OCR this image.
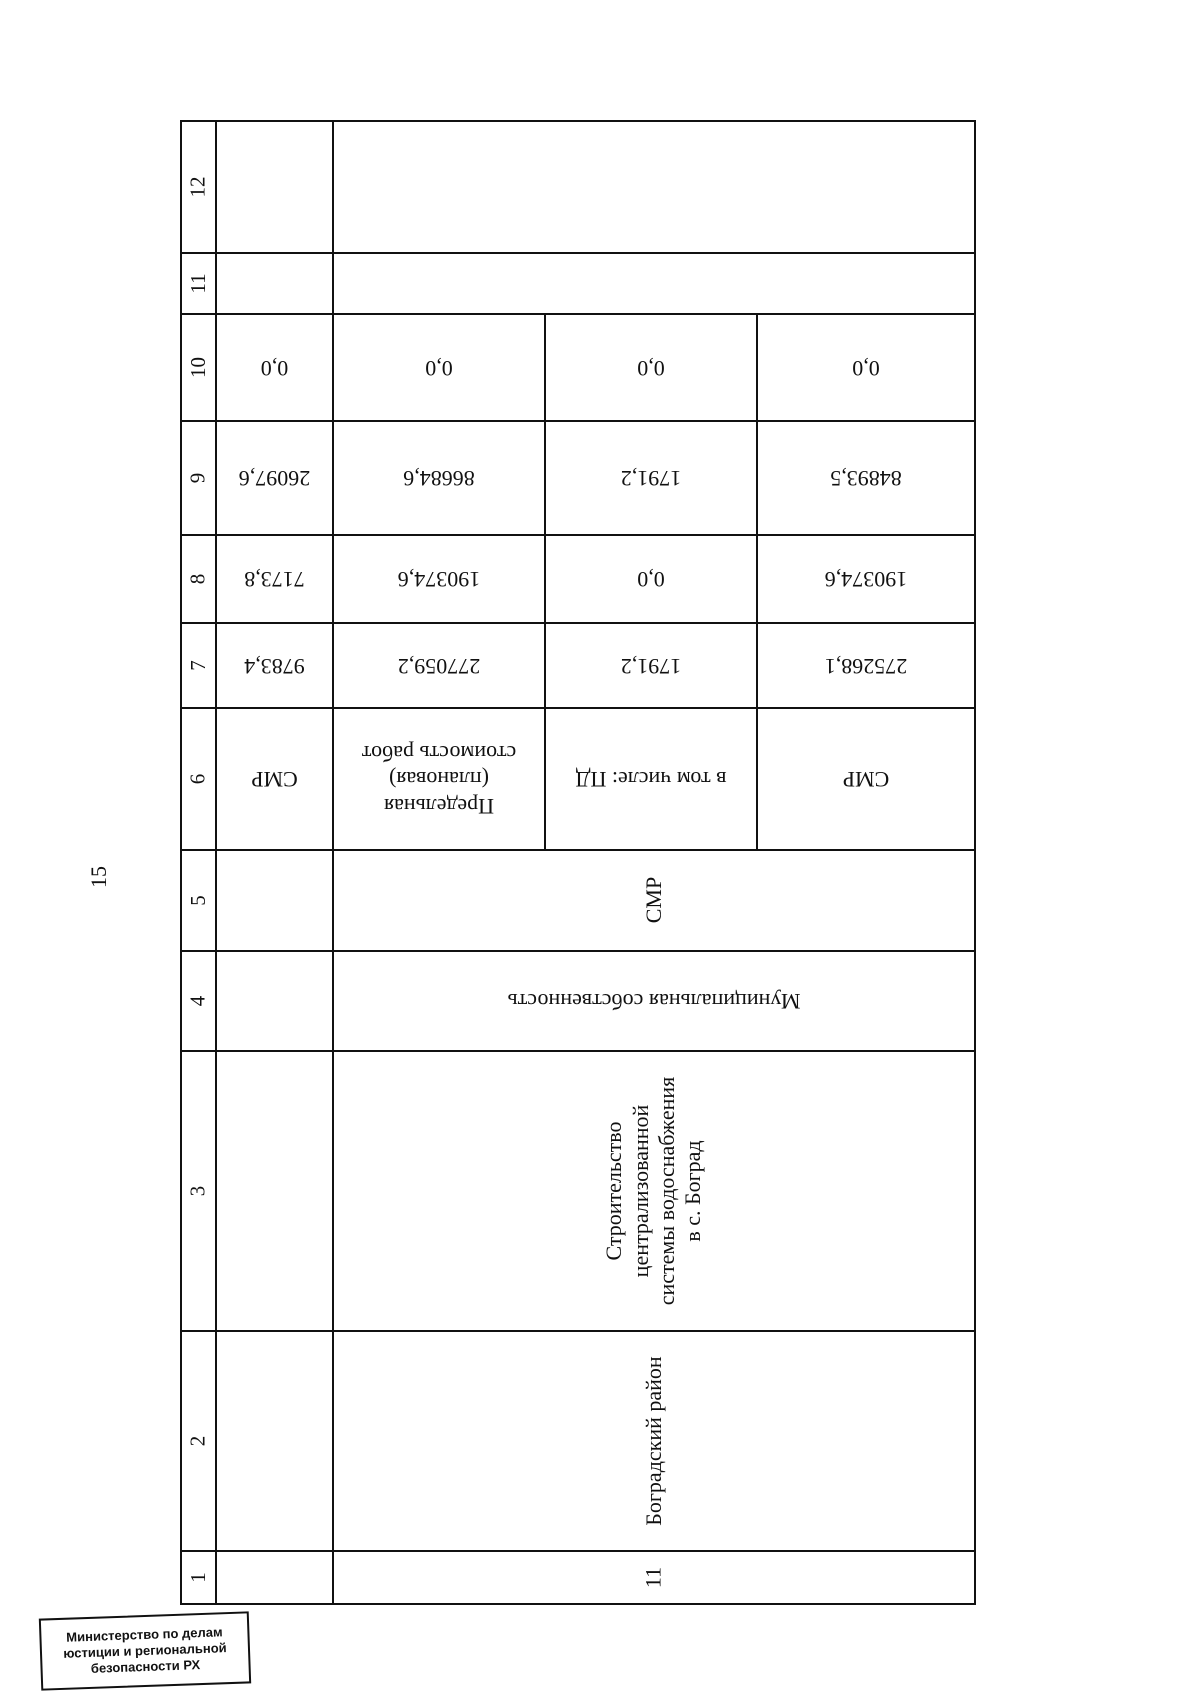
15
12
11
10
9
8
7
6
5
4
3
2
1
0,0
26097,6
7173,8
9783,4
СМР
0,0
86684,6
190374,6
277059,2
Предельная
(плановая)
стоимость работ
0,0
1791,2
0,0
1791,2
в том числе: ПД
0,0
84893,5
190374,6
275268,1
СМР
СМР
Муниципальная собственность
Строительство централизованной системы водоснабжения в с. Боград
Боградский район
11
Министерство по делам
юстиции и региональной
безопасности РХ
